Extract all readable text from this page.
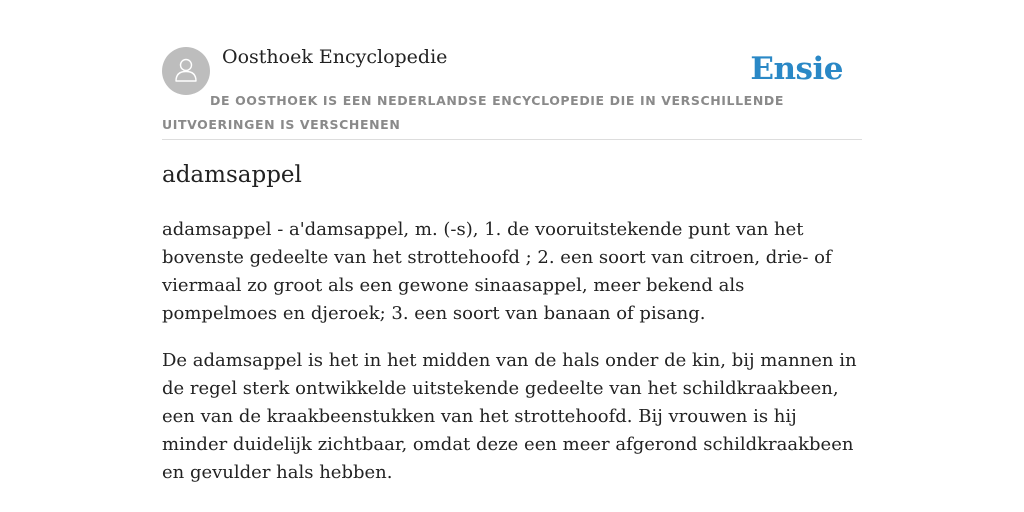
Oosthoek Encyclopedie	Ensie

DE OOSTHOEK IS EEN NEDERLANDSE ENCYCLOPEDIE DIE IN VERSCHILLENDE UITVOERINGEN IS VERSCHENEN

adamsappel

adamsappel - a'damsappel, m. (-s), 1. de vooruitstekende punt van het bovenste gedeelte van het strottehoofd ; 2. een soort van citroen, drie- of viermaal zo groot als een gewone sinaasappel, meer bekend als pompelmoes en djeroek; 3. een soort van banaan of pisang.

De adamsappel is het in het midden van de hals onder de kin, bij mannen in de regel sterk ontwikkelde uitstekende gedeelte van het schildkraakbeen, een van de kraakbeenstukken van het strottehoofd. Bij vrouwen is hij minder duidelijk zichtbaar, omdat deze een meer afgerond schildkraakbeen en gevulder hals hebben.
